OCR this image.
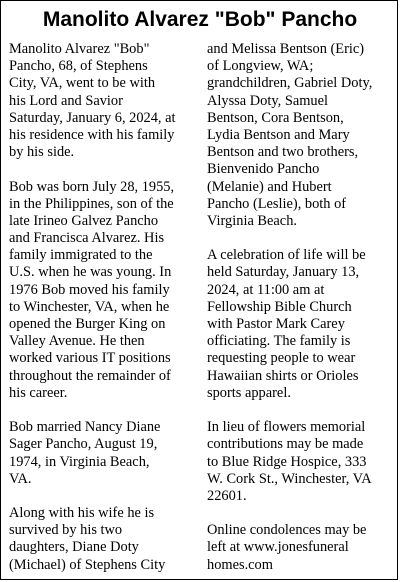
Manolito Alvarez "Bob" Pancho
Manolito Alvarez "Bob"
Pancho, 68, of Stephens
City, VA, went to be with
his Lord and Savior
Saturday, January 6, 2024, at
his residence with his family
by his side.
Bob was born July 28, 1955,
in the Philippines, son of the
late Irineo Galvez Pancho
and Francisca Alvarez. His
family immigrated to the
U.S. when he was young. In
1976 Bob moved his family
to Winchester, VA, when he
opened the Burger King on
Valley Avenue. He then
worked various IT positions
throughout the remainder of
his career.
Bob married Nancy Diane
Sager Pancho, August 19,
1974, in Virginia Beach,
VA.
Along with his wife he is
survived by his two
daughters, Diane Doty
(Michael) of Stephens City
and Melissa Bentson (Eric)
of Longview, WA;
grandchildren, Gabriel Doty,
Alyssa Doty, Samuel
Bentson, Cora Bentson,
Lydia Bentson and Mary
Bentson and two brothers,
Bienvenido Pancho
(Melanie) and Hubert
Pancho (Leslie), both of
Virginia Beach.
A celebration of life will be
held Saturday, January 13,
2024, at 11:00 am at
Fellowship Bible Church
with Pastor Mark Carey
officiating. The family is
requesting people to wear
Hawaiian shirts or Orioles
sports apparel.
In lieu of flowers memorial
contributions may be made
to Blue Ridge Hospice, 333
W. Cork St., Winchester, VA
22601.
Online condolences may be
left at www.jonesfuneral
homes.com
